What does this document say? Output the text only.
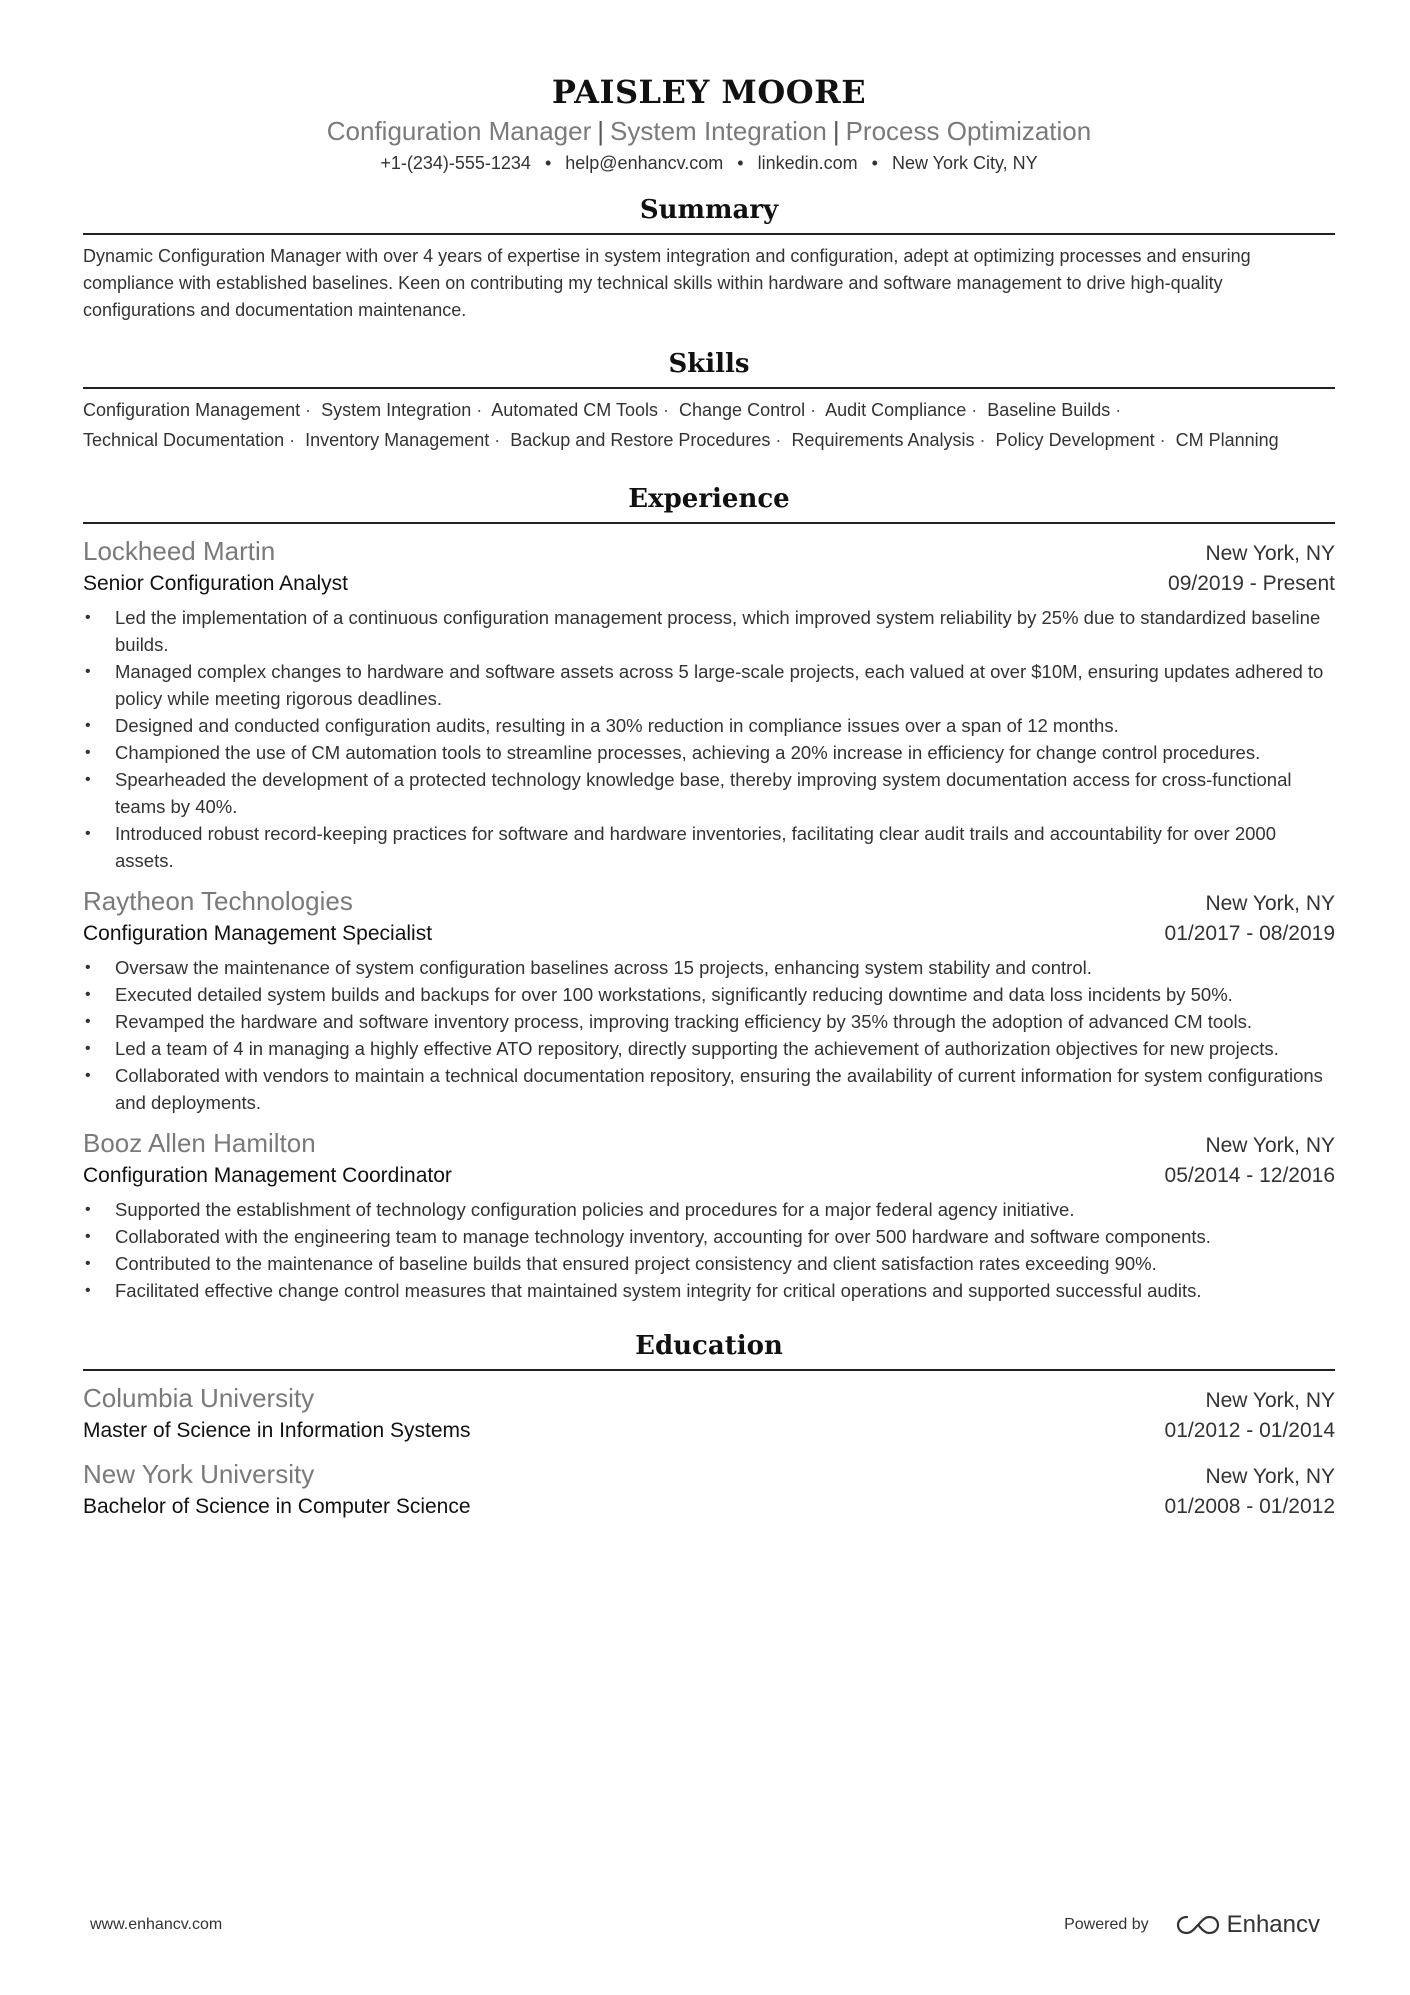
PAISLEY MOORE
Configuration Manager | System Integration | Process Optimization
+1-(234)-555-1234 • help@enhancv.com • linkedin.com • New York City, NY
Summary
Dynamic Configuration Manager with over 4 years of expertise in system integration and configuration, adept at optimizing processes and ensuring compliance with established baselines. Keen on contributing my technical skills within hardware and software management to drive high-quality configurations and documentation maintenance.
Skills
Configuration Management · System Integration · Automated CM Tools · Change Control · Audit Compliance · Baseline Builds · Technical Documentation · Inventory Management · Backup and Restore Procedures · Requirements Analysis · Policy Development · CM Planning
Experience
Lockheed Martin	New York, NY
Senior Configuration Analyst	09/2019 - Present
• Led the implementation of a continuous configuration management process, which improved system reliability by 25% due to standardized baseline builds.
• Managed complex changes to hardware and software assets across 5 large-scale projects, each valued at over $10M, ensuring updates adhered to policy while meeting rigorous deadlines.
• Designed and conducted configuration audits, resulting in a 30% reduction in compliance issues over a span of 12 months.
• Championed the use of CM automation tools to streamline processes, achieving a 20% increase in efficiency for change control procedures.
• Spearheaded the development of a protected technology knowledge base, thereby improving system documentation access for cross-functional teams by 40%.
• Introduced robust record-keeping practices for software and hardware inventories, facilitating clear audit trails and accountability for over 2000 assets.
Raytheon Technologies	New York, NY
Configuration Management Specialist	01/2017 - 08/2019
• Oversaw the maintenance of system configuration baselines across 15 projects, enhancing system stability and control.
• Executed detailed system builds and backups for over 100 workstations, significantly reducing downtime and data loss incidents by 50%.
• Revamped the hardware and software inventory process, improving tracking efficiency by 35% through the adoption of advanced CM tools.
• Led a team of 4 in managing a highly effective ATO repository, directly supporting the achievement of authorization objectives for new projects.
• Collaborated with vendors to maintain a technical documentation repository, ensuring the availability of current information for system configurations and deployments.
Booz Allen Hamilton	New York, NY
Configuration Management Coordinator	05/2014 - 12/2016
• Supported the establishment of technology configuration policies and procedures for a major federal agency initiative.
• Collaborated with the engineering team to manage technology inventory, accounting for over 500 hardware and software components.
• Contributed to the maintenance of baseline builds that ensured project consistency and client satisfaction rates exceeding 90%.
• Facilitated effective change control measures that maintained system integrity for critical operations and supported successful audits.
Education
Columbia University	New York, NY
Master of Science in Information Systems	01/2012 - 01/2014
New York University	New York, NY
Bachelor of Science in Computer Science	01/2008 - 01/2012
www.enhancv.com	Powered by	Enhancv
